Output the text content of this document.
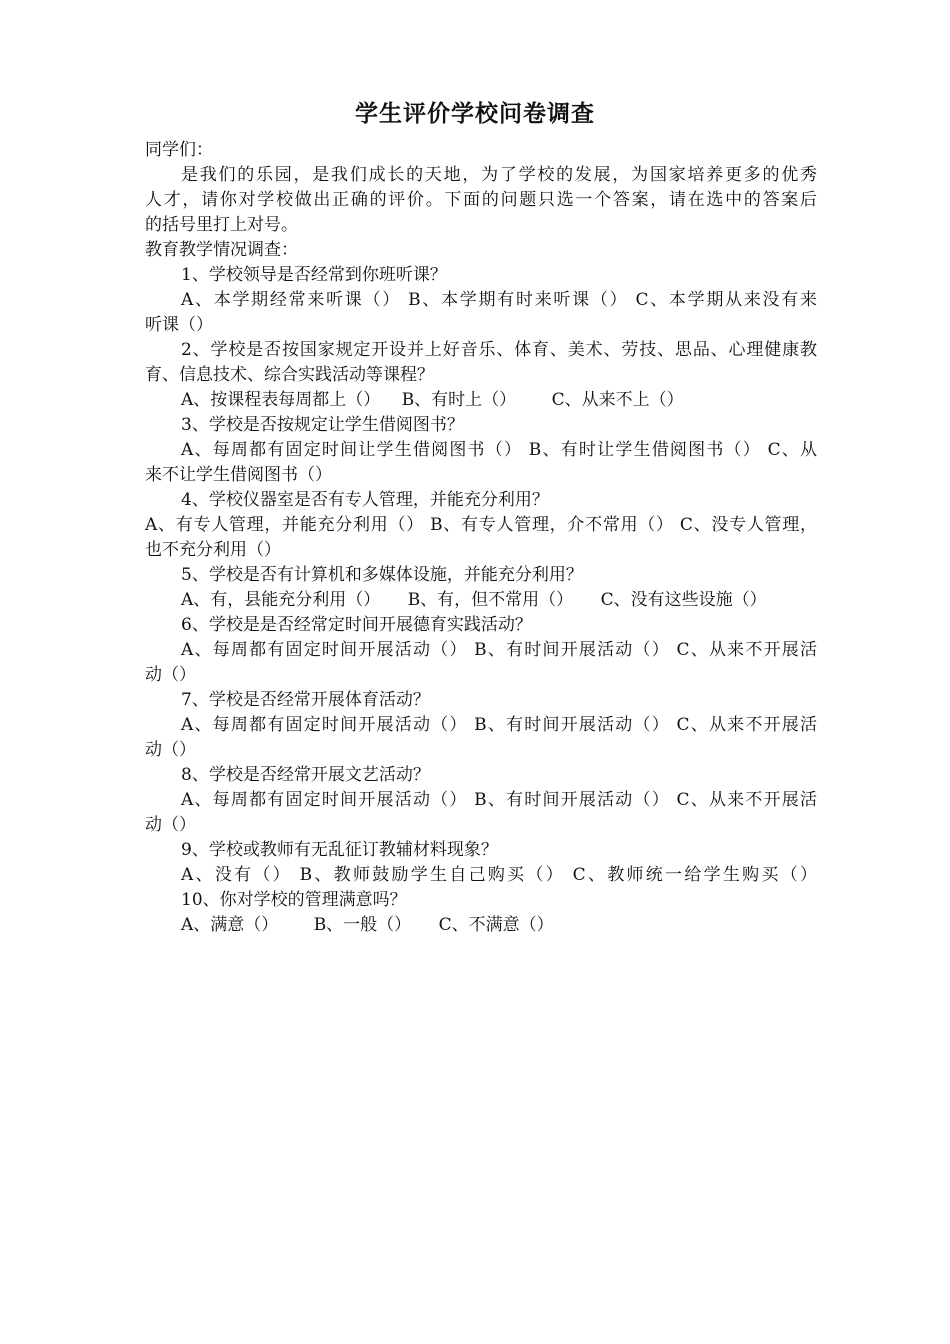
学生评价学校问卷调查
同学们：
是我们的乐园，是我们成长的天地，为了学校的发展，为国家培养更多的优秀
人才，请你对学校做出正确的评价。下面的问题只选一个答案，请在选中的答案后
的括号里打上对号。
教育教学情况调查：
1、学校领导是否经常到你班听课？
A、本学期经常来听课（） B、本学期有时来听课（） C、本学期从来没有来
听课（）
2、学校是否按国家规定开设并上好音乐、体育、美术、劳技、思品、心理健康教
育、信息技术、综合实践活动等课程？
A、按课程表每周都上（） B、有时上（） C、从来不上（）
3、学校是否按规定让学生借阅图书？
A、每周都有固定时间让学生借阅图书（） B、有时让学生借阅图书（） C、从
来不让学生借阅图书（）
4、学校仪器室是否有专人管理，并能充分利用？
A、有专人管理，并能充分利用（） B、有专人管理，介不常用（） C、没专人管理，
也不充分利用（）
5、学校是否有计算机和多媒体设施，并能充分利用？
A、有，县能充分利用（） B、有，但不常用（） C、没有这些设施（）
6、学校是是否经常定时间开展德育实践活动？
A、每周都有固定时间开展活动（） B、有时间开展活动（） C、从来不开展活
动（）
7、学校是否经常开展体育活动？
A、每周都有固定时间开展活动（） B、有时间开展活动（） C、从来不开展活
动（）
8、学校是否经常开展文艺活动？
A、每周都有固定时间开展活动（） B、有时间开展活动（） C、从来不开展活
动（）
9、学校或教师有无乱征订教辅材料现象？
A、没有（） B、教师鼓励学生自己购买（） C、教师统一给学生购买（）
10、你对学校的管理满意吗？
A、满意（） B、一般（） C、不满意（）
